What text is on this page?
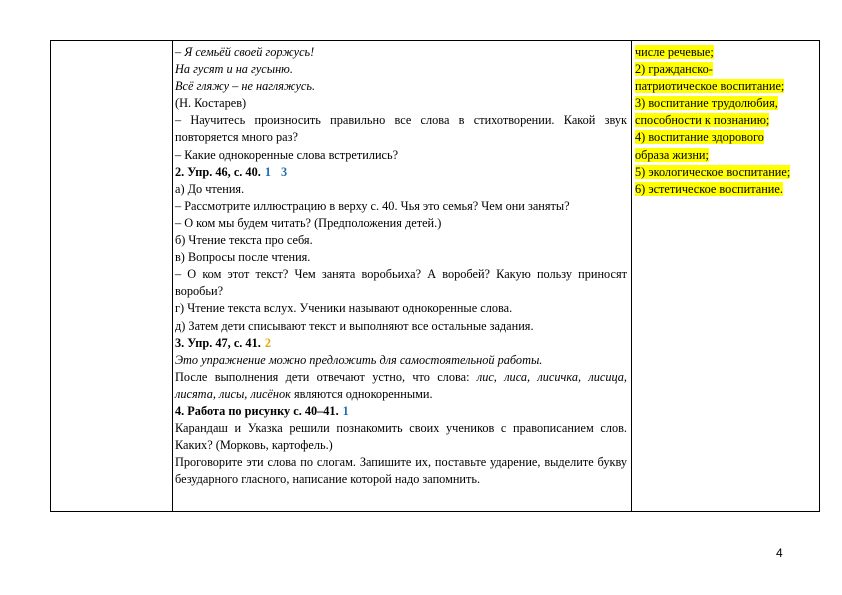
– Я семьёй своей горжусь!

На гусят и на гусыню.

Всё гляжу – не нагляжусь.

(Н. Костарев)

– Научитесь произносить правильно все слова в стихотворении. Какой звук повторяется много раз?

– Какие однокоренные слова встретились?

2. Упр. 46, с. 40. 1 3

а) До чтения.

– Рассмотрите иллюстрацию в верху с. 40. Чья это семья? Чем они заняты?

– О ком мы будем читать? (Предположения детей.)

б) Чтение текста про себя.

в) Вопросы после чтения.

– О ком этот текст? Чем занята воробьиха? А воробей? Какую пользу приносят воробьи?

г) Чтение текста вслух. Ученики называют однокоренные слова.

д) Затем дети списывают текст и выполняют все остальные задания.

3. Упр. 47, с. 41. 2

Это упражнение можно предложить для самостоятельной работы.

После выполнения дети отвечают устно, что слова: лис, лиса, лисичка, лисица, лисята, лисы, лисёнок являются однокоренными.

4. Работа по рисунку с. 40–41. 1

Карандаш и Указка решили познакомить своих учеников с правописанием слов. Каких? (Морковь, картофель.)

Проговорите эти слова по слогам. Запишите их, поставьте ударение, выделите букву безударного гласного, написание которой надо запомнить.

числе речевые;
2) гражданско-
патриотическое воспитание;
3) воспитание трудолюбия,
способности к познанию;
4) воспитание здорового
образа жизни;
5) экологическое воспитание;
6) эстетическое воспитание.
4
